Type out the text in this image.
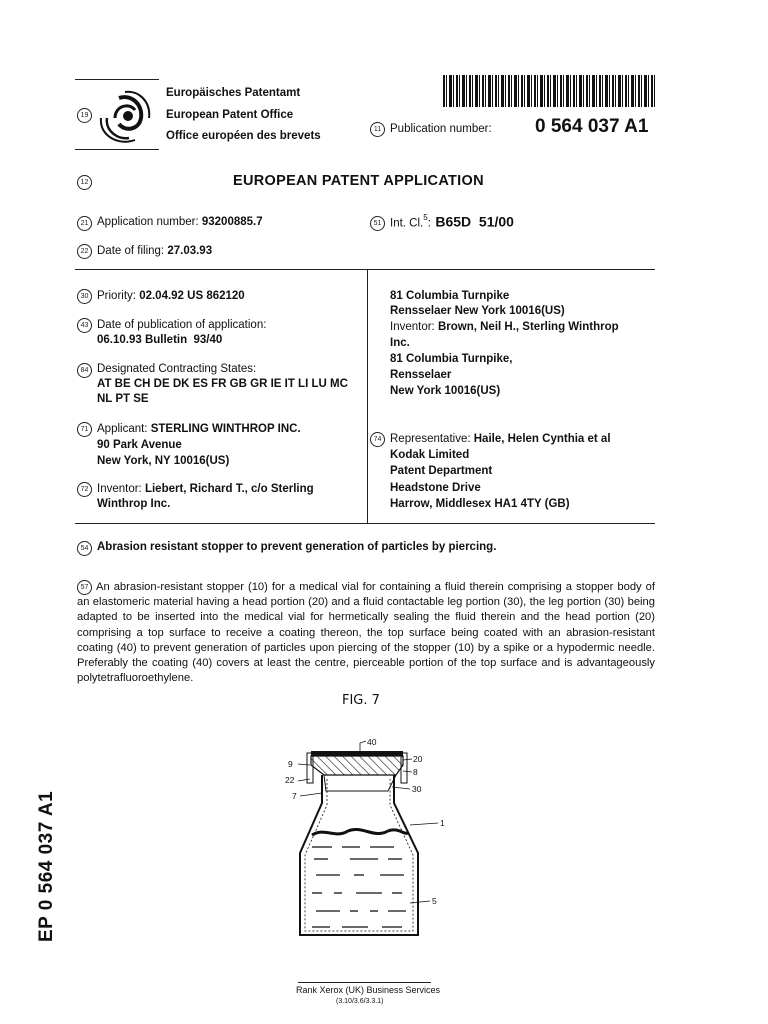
19
Europäisches Patentamt
European Patent Office
Office européen des brevets
11 Publication number: 0 564 037 A1
12	EUROPEAN PATENT APPLICATION
21 Application number: 93200885.7	51 Int. Cl.$^5$: B65D  51/00
22 Date of filing: 27.03.93
30 Priority: 02.04.92 US 862120
43 Date of publication of application:
06.10.93 Bulletin  93/40
84 Designated Contracting States:
AT BE CH DE DK ES FR GB GR IE IT LI LU MC
NL PT SE
71 Applicant: STERLING WINTHROP INC.
90 Park Avenue
New York, NY 10016(US)
72 Inventor: Liebert, Richard T., c/o Sterling
Winthrop Inc.
81 Columbia Turnpike
Rensselaer New York 10016(US)
Inventor: Brown, Neil H., Sterling Winthrop
Inc.
81 Columbia Turnpike,
Rensselaer
New York 10016(US)
74 Representative: Haile, Helen Cynthia et al
Kodak Limited
Patent Department
Headstone Drive
Harrow, Middlesex HA1 4TY (GB)
54 Abrasion resistant stopper to prevent generation of particles by piercing.
57 An abrasion-resistant stopper (10) for a medical vial for containing a fluid therein comprising a stopper body of an elastomeric material having a head portion (20) and a fluid contactable leg portion (30), the leg portion (30) being adapted to be inserted into the medical vial for hermetically sealing the fluid therein and the head portion (20) comprising a top surface to receive a coating thereon, the top surface being coated with an abrasion-resistant coating (40) to prevent generation of particles upon piercing of the stopper (10) by a spike or a hypodermic needle. Preferably the coating (40) covers at least the centre, pierceable portion of the top surface and is advantageously polytetrafluoroethylene.
FIG. 7
40
9	20
8
22
30
7
1
5
EP 0 564 037 A1
Rank Xerox (UK) Business Services
(3.10/3.6/3.3.1)
